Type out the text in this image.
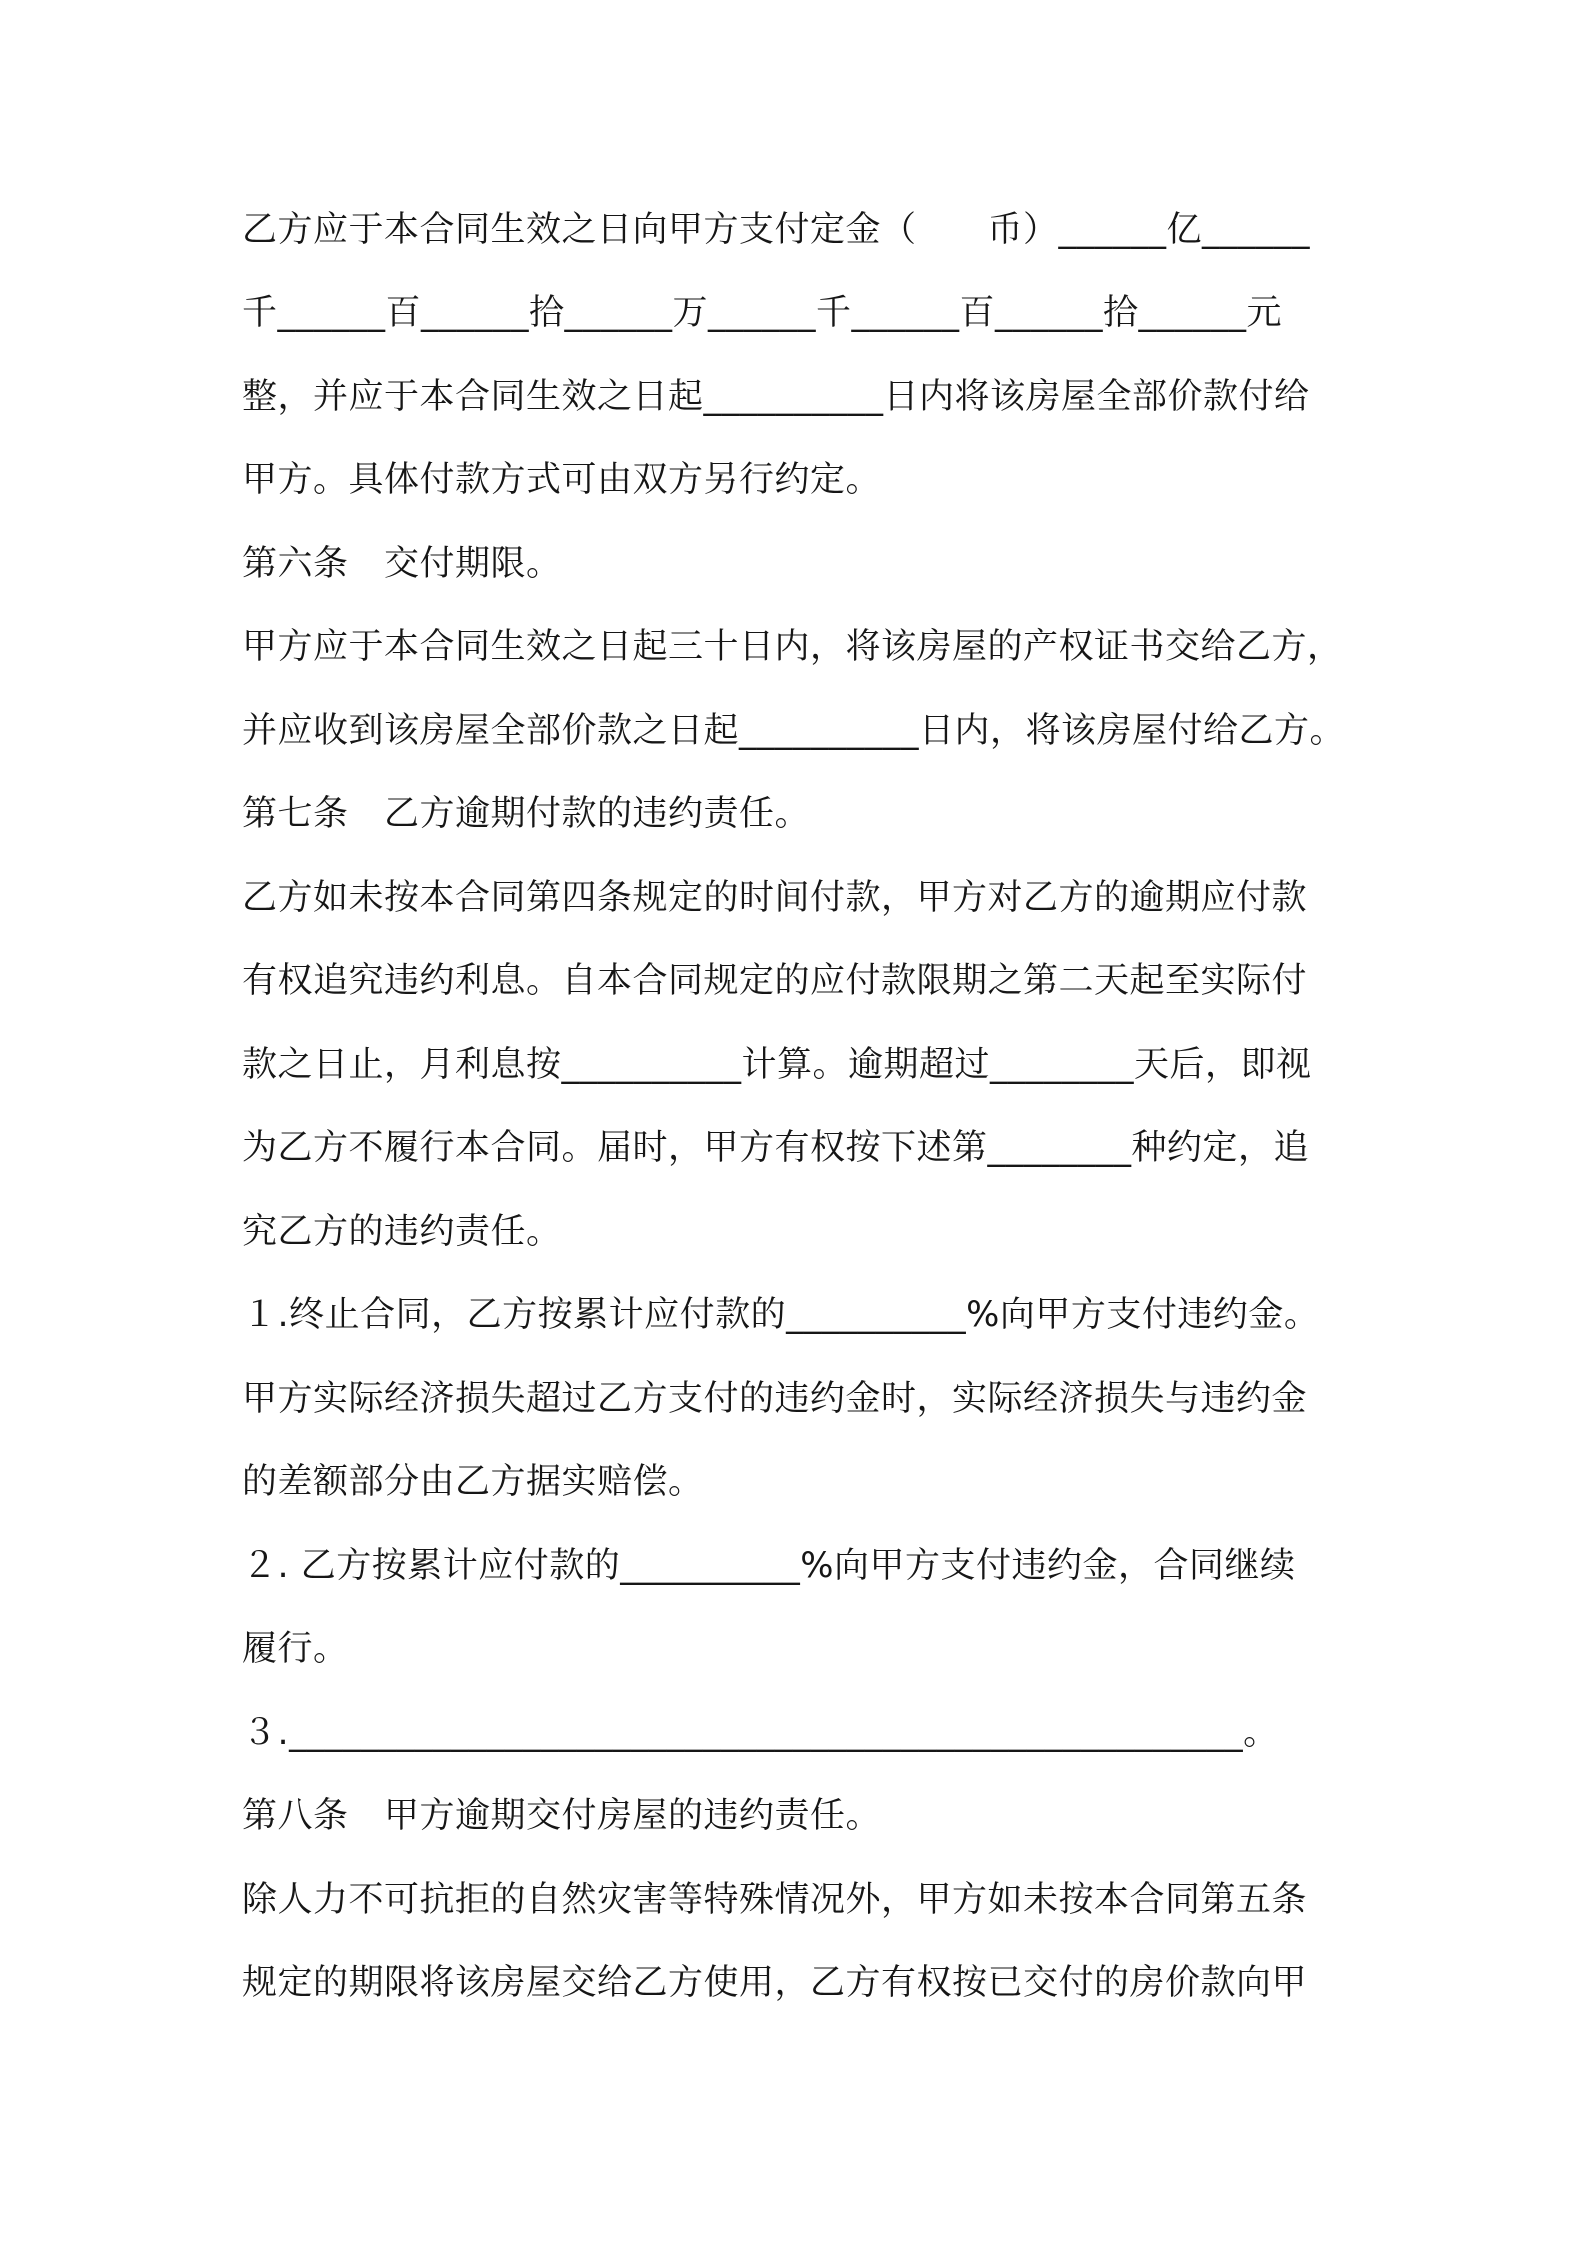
乙方应于本合同生效之日向甲方支付定金（　　币）______亿______
千______百______拾______万______千______百______拾______元
整，并应于本合同生效之日起__________日内将该房屋全部价款付给
甲方。具体付款方式可由双方另行约定。
第六条　交付期限。
甲方应于本合同生效之日起三十日内，将该房屋的产权证书交给乙方，
并应收到该房屋全部价款之日起__________日内，将该房屋付给乙方。
第七条　乙方逾期付款的违约责任。
乙方如未按本合同第四条规定的时间付款，甲方对乙方的逾期应付款
有权追究违约利息。自本合同规定的应付款限期之第二天起至实际付
款之日止，月利息按__________计算。逾期超过________天后，即视
为乙方不履行本合同。届时，甲方有权按下述第________种约定，追
究乙方的违约责任。
１.终止合同，乙方按累计应付款的__________%向甲方支付违约金。
甲方实际经济损失超过乙方支付的违约金时，实际经济损失与违约金
的差额部分由乙方据实赔偿。
２. 乙方按累计应付款的__________%向甲方支付违约金，合同继续
履行。
３._____________________________________________________。
第八条　甲方逾期交付房屋的违约责任。
除人力不可抗拒的自然灾害等特殊情况外，甲方如未按本合同第五条
规定的期限将该房屋交给乙方使用，乙方有权按已交付的房价款向甲
